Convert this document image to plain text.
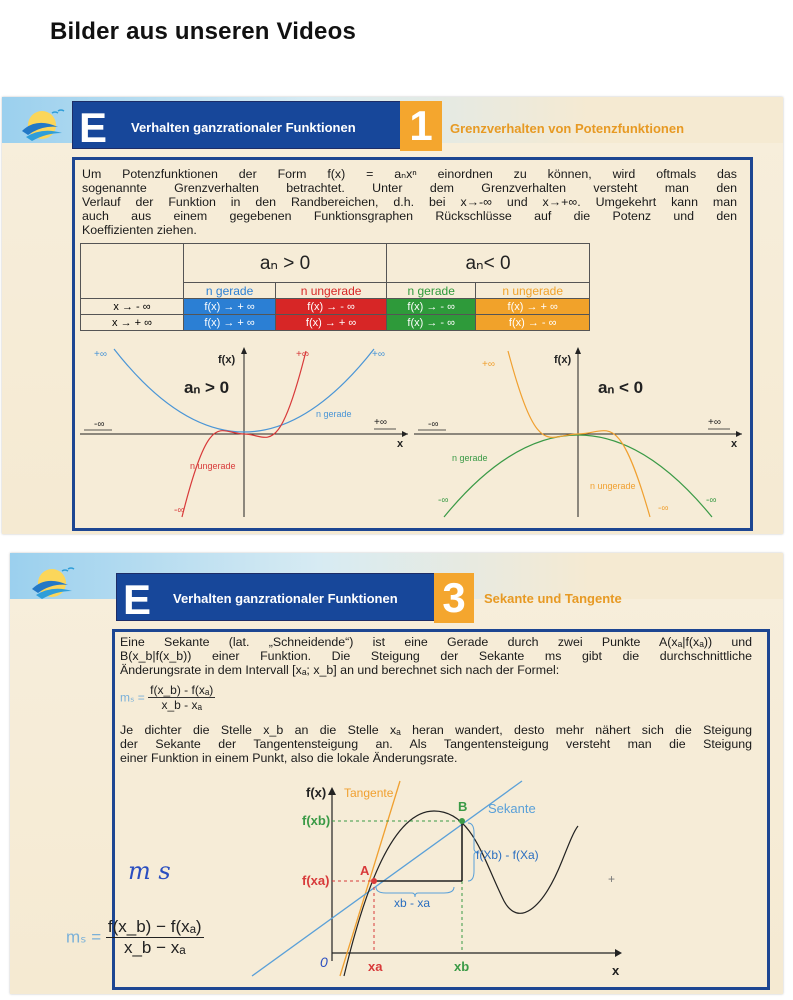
Bilder aus unseren Videos
E Verhalten ganzrationaler Funktionen 1	Grenzverhalten von Potenzfunktionen
Um Potenzfunktionen der Form f(x) = aₙxⁿ einordnen zu können, wird oftmals das
sogenannte Grenzverhalten betrachtet. Unter dem Grenzverhalten versteht man den
Verlauf der Funktion in den Randbereichen, d.h. bei x→-∞ und x→+∞. Umgekehrt kann man
auch aus einem gegebenen Funktionsgraphen Rückschlüsse auf die Potenz und den
Koeffizienten ziehen.
	aₙ > 0		aₙ< 0	
	n gerade	n ungerade	n gerade	n ungerade
x → - ∞	f(x) → + ∞	f(x) → - ∞	f(x) → - ∞	f(x) → + ∞
x → + ∞	f(x) → + ∞	f(x) → + ∞	f(x) → - ∞	f(x) → - ∞
f(x)
x
aₙ > 0
+∞	+∞	+∞
-∞	+∞
-∞
n gerade
n ungerade
f(x)
x
aₙ < 0
+∞
-∞	+∞
-∞
-∞
-∞
n gerade
n ungerade
E Verhalten ganzrationaler Funktionen 3	Sekante und Tangente
Eine Sekante (lat. „Schneidende“) ist eine Gerade durch zwei Punkte A(xₐ|f(xₐ)) und
B(x_b|f(x_b)) einer Funktion. Die Steigung der Sekante ms gibt die durchschnittliche
Änderungsrate in dem Intervall [xₐ; x_b] an und berechnet sich nach der Formel:
$m_s = \frac{\text{f(x\_b) - f(xₐ)}}{\text{x\_b - xₐ}}$
Je dichter die Stelle x_b an die Stelle xₐ heran wandert, desto mehr nähert sich die Steigung
der Sekante der Tangentensteigung an. Als Tangentensteigung versteht man die Steigung
einer Funktion in einem Punkt, also die lokale Änderungsrate.
f(x) Tangente
Sekante
f(xb)
f(xa)
A
B
f(Xb) - f(Xa)
xb - xa
xa	xb	x
0
+
m s
$m_s = \frac{\text{f(x\_b) − f(xₐ)}}{\text{x\_b − xₐ}}$
